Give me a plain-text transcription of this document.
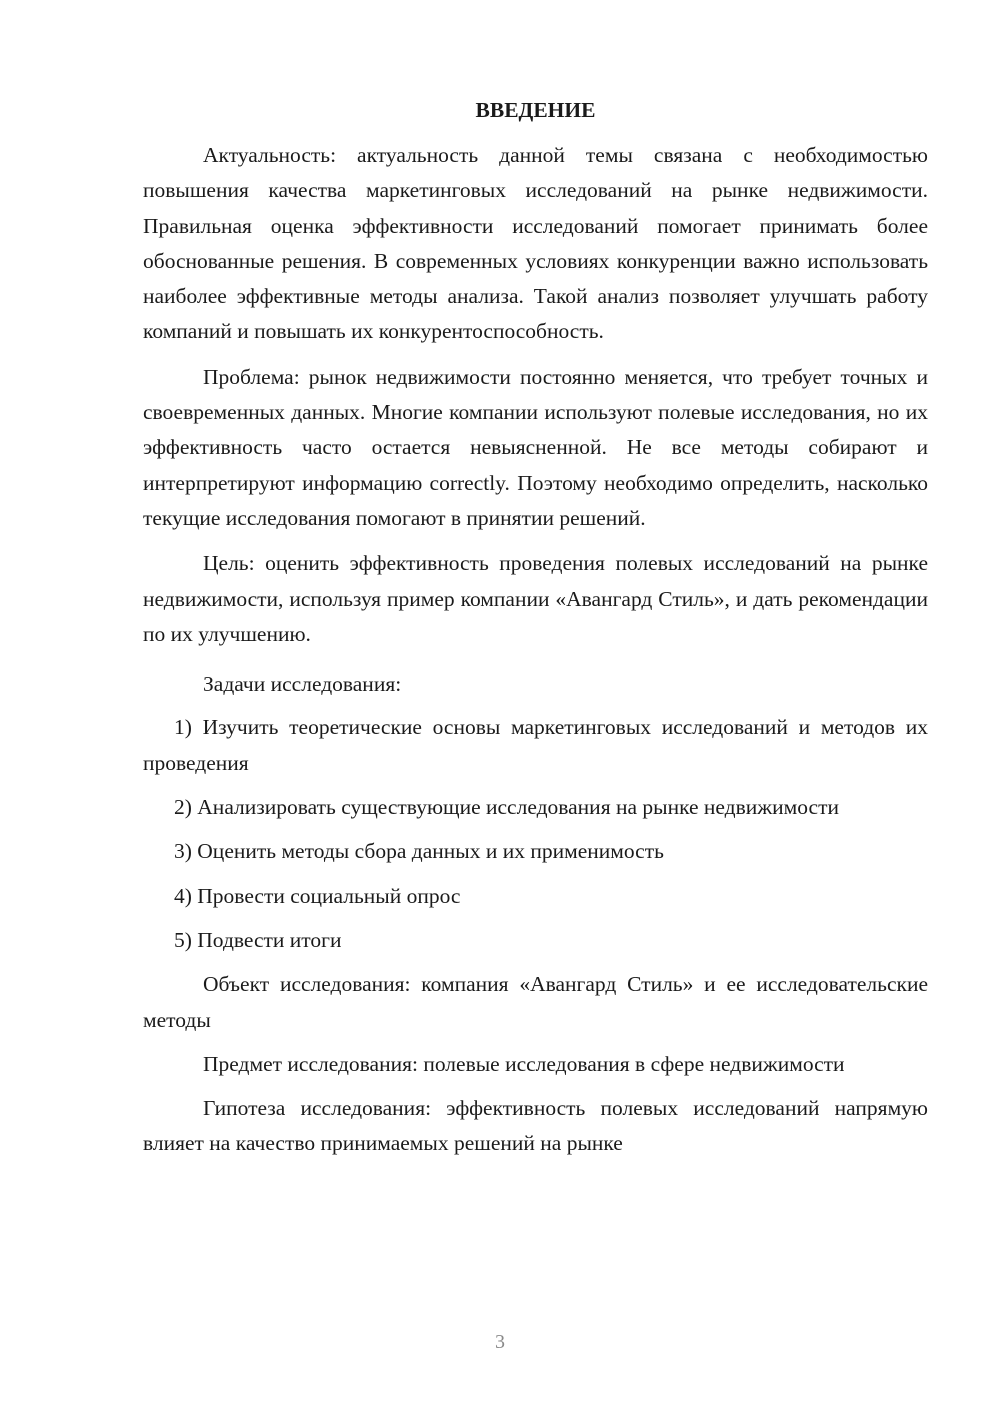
ВВЕДЕНИЕ

Актуальность: актуальность данной темы связана с необходимостью повышения качества маркетинговых исследований на рынке недвижимости. Правильная оценка эффективности исследований помогает принимать более обоснованные решения. В современных условиях конкуренции важно использовать наиболее эффективные методы анализа. Такой анализ позволяет улучшать работу компаний и повышать их конкурентоспособность.

Проблема: рынок недвижимости постоянно меняется, что требует точных и своевременных данных. Многие компании используют полевые исследования, но их эффективность часто остается невыясненной. Не все методы собирают и интерпретируют информацию correctly. Поэтому необходимо определить, насколько текущие исследования помогают в принятии решений.

Цель: оценить эффективность проведения полевых исследований на рынке недвижимости, используя пример компании «Авангард Стиль», и дать рекомендации по их улучшению.

Задачи исследования:

1) Изучить теоретические основы маркетинговых исследований и методов их проведения

2) Анализировать существующие исследования на рынке недвижимости

3) Оценить методы сбора данных и их применимость

4) Провести социальный опрос

5) Подвести итоги

Объект исследования: компания «Авангард Стиль» и ее исследовательские методы

Предмет исследования: полевые исследования в сфере недвижимости

Гипотеза исследования: эффективность полевых исследований напрямую влияет на качество принимаемых решений на рынке

3
